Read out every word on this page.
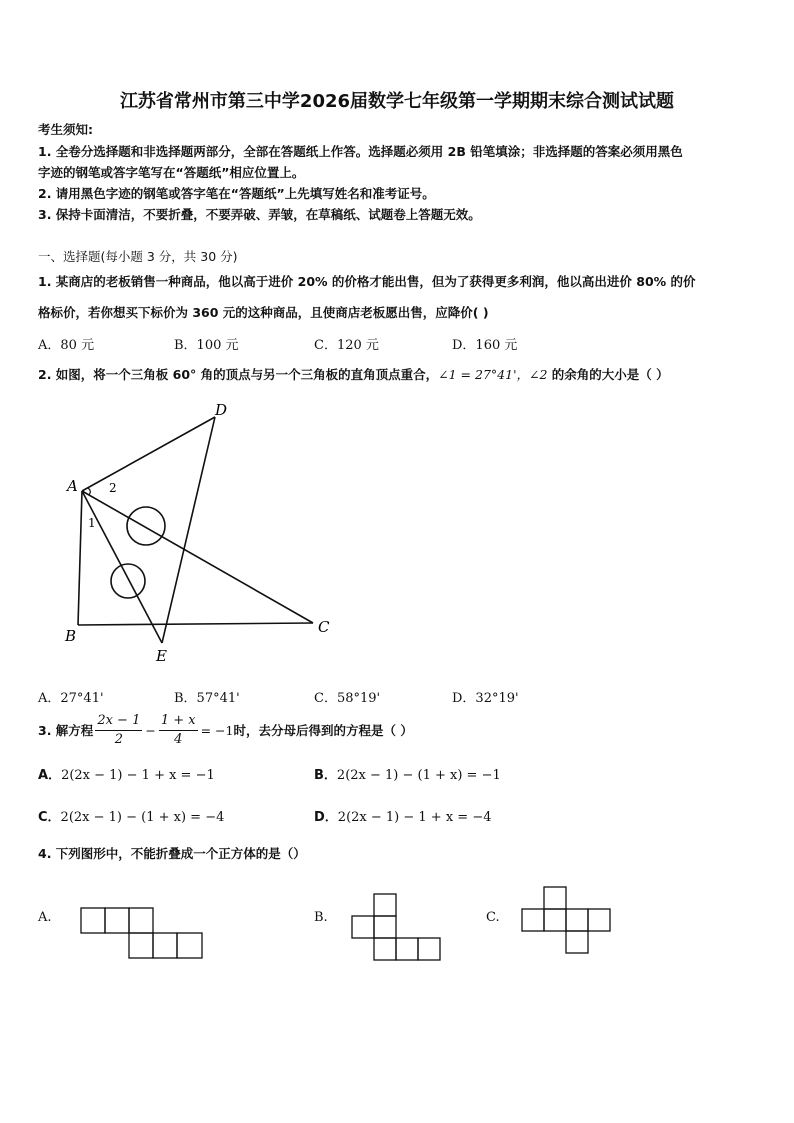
江苏省常州市第三中学2026届数学七年级第一学期期末综合测试试题
考生须知:
1. 全卷分选择题和非选择题两部分，全部在答题纸上作答。选择题必须用 2B 铅笔填涂；非选择题的答案必须用黑色
字迹的钢笔或答字笔写在“答题纸”相应位置上。
2. 请用黑色字迹的钢笔或答字笔在“答题纸”上先填写姓名和准考证号。
3. 保持卡面清洁，不要折叠，不要弄破、弄皱，在草稿纸、试题卷上答题无效。
一、选择题(每小题 3 分，共 30 分)
1. 某商店的老板销售一种商品，他以高于进价 20% 的价格才能出售，但为了获得更多利润，他以高出进价 80% 的价
格标价，若你想买下标价为 360 元的这种商品，且使商店老板愿出售，应降价( )
A．80 元	B．100 元	C．120 元	D．160 元
2. 如图，将一个三角板 60° 角的顶点与另一个三角板的直角顶点重合，∠1 = 27°41'，∠2 的余角的大小是（ ）
A
B	C
D
E
1
2
A．27°41'	B．57°41'	C．58°19'	D．32°19'
3. 解方程 $\frac{2x - 1}{2} - \frac{1 + x}{4} = -1$ 时，去分母后得到的方程是（ ）
A．2(2x − 1) − 1 + x = −1	B．2(2x − 1) − (1 + x) = −1
C．2(2x − 1) − (1 + x) = −4	D．2(2x − 1) − 1 + x = −4
4. 下列图形中，不能折叠成一个正方体的是（）
A.	B.	C.
